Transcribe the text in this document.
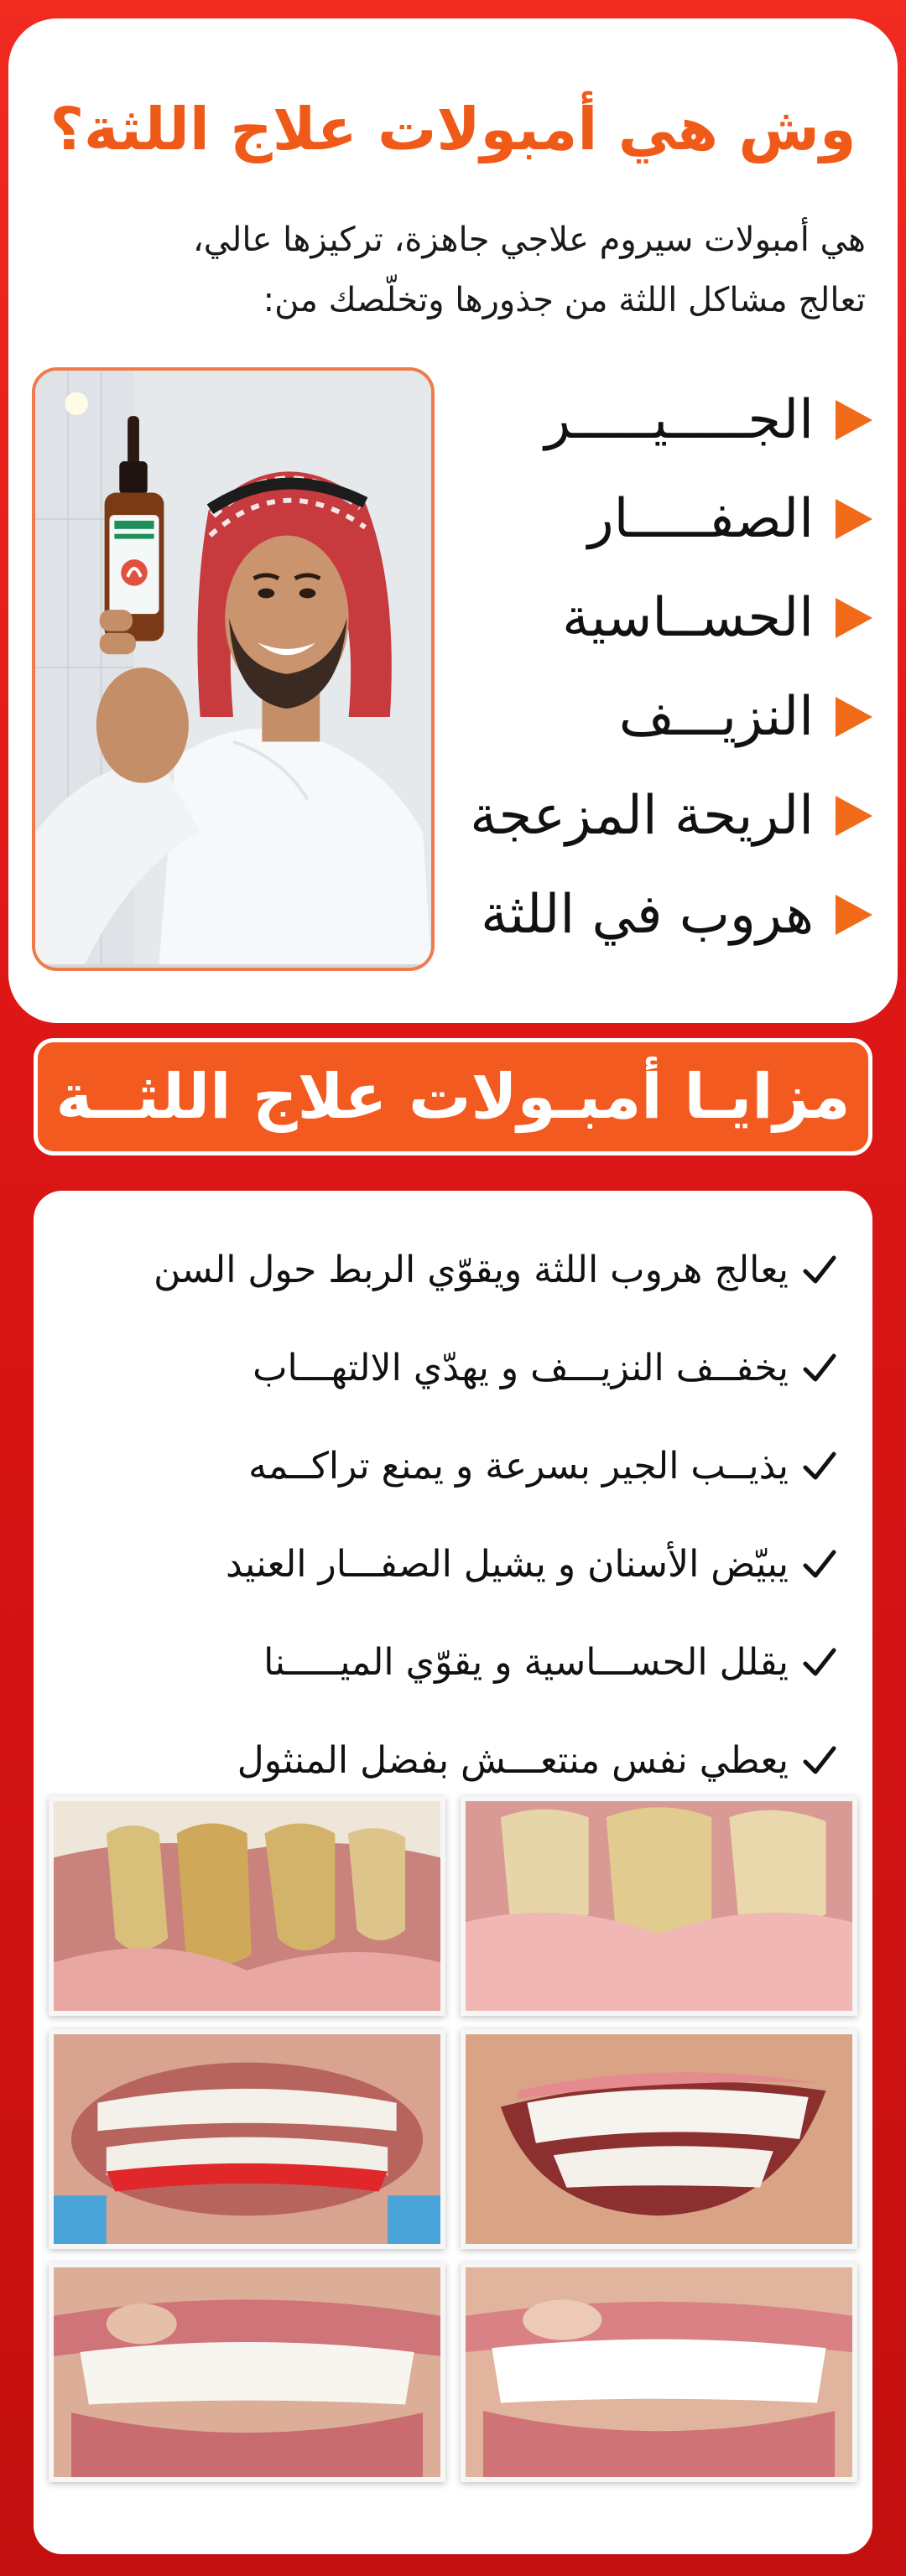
وش هي أمبولات علاج اللثة؟
هي أمبولات سيروم علاجي جاهزة، تركيزها عالي،
تعالج مشاكل اللثة من جذورها وتخلّصك من:
الجـــــيـــــر
الصفـــــار
الحســاسية
النزيـــف
الريحة المزعجة
هروب في اللثة
مزايـا أمبـولات علاج اللثــة
يعالج هروب اللثة ويقوّي الربط حول السن
يخفــف النزيـــف و يهدّي الالتهـــاب
يذيــب الجير بسرعة و يمنع تراكــمه
يبيّض الأسنان و يشيل الصفـــار العنيد
يقلل الحســـاسية و يقوّي الميـــــنا
يعطي نفس منتعـــش بفضل المنثول
